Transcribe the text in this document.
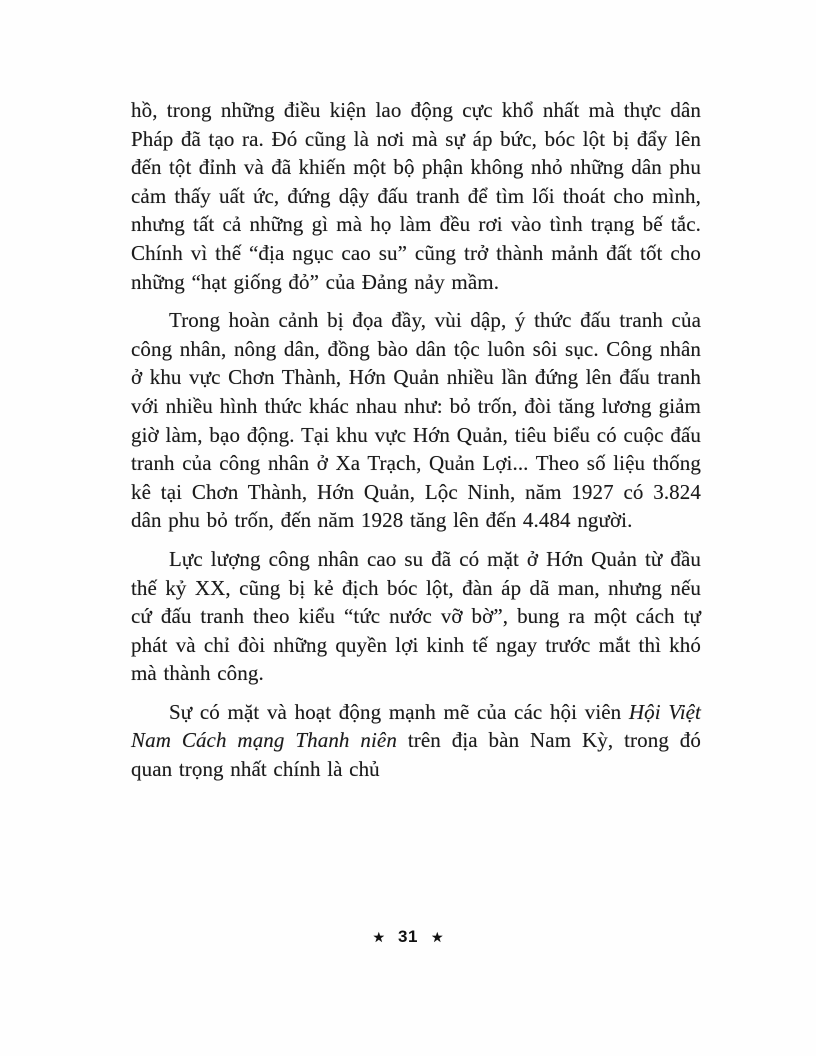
hồ, trong những điều kiện lao động cực khổ nhất mà thực dân Pháp đã tạo ra. Đó cũng là nơi mà sự áp bức, bóc lột bị đẩy lên đến tột đỉnh và đã khiến một bộ phận không nhỏ những dân phu cảm thấy uất ức, đứng dậy đấu tranh để tìm lối thoát cho mình, nhưng tất cả những gì mà họ làm đều rơi vào tình trạng bế tắc. Chính vì thế “địa ngục cao su” cũng trở thành mảnh đất tốt cho những “hạt giống đỏ” của Đảng nảy mầm.

Trong hoàn cảnh bị đọa đầy, vùi dập, ý thức đấu tranh của công nhân, nông dân, đồng bào dân tộc luôn sôi sục. Công nhân ở khu vực Chơn Thành, Hớn Quản nhiều lần đứng lên đấu tranh với nhiều hình thức khác nhau như: bỏ trốn, đòi tăng lương giảm giờ làm, bạo động. Tại khu vực Hớn Quản, tiêu biểu có cuộc đấu tranh của công nhân ở Xa Trạch, Quản Lợi... Theo số liệu thống kê tại Chơn Thành, Hớn Quản, Lộc Ninh, năm 1927 có 3.824 dân phu bỏ trốn, đến năm 1928 tăng lên đến 4.484 người.

Lực lượng công nhân cao su đã có mặt ở Hớn Quản từ đầu thế kỷ XX, cũng bị kẻ địch bóc lột, đàn áp dã man, nhưng nếu cứ đấu tranh theo kiểu “tức nước vỡ bờ”, bung ra một cách tự phát và chỉ đòi những quyền lợi kinh tế ngay trước mắt thì khó mà thành công.

Sự có mặt và hoạt động mạnh mẽ của các hội viên Hội Việt Nam Cách mạng Thanh niên trên địa bàn Nam Kỳ, trong đó quan trọng nhất chính là chủ

★ 31 ★
